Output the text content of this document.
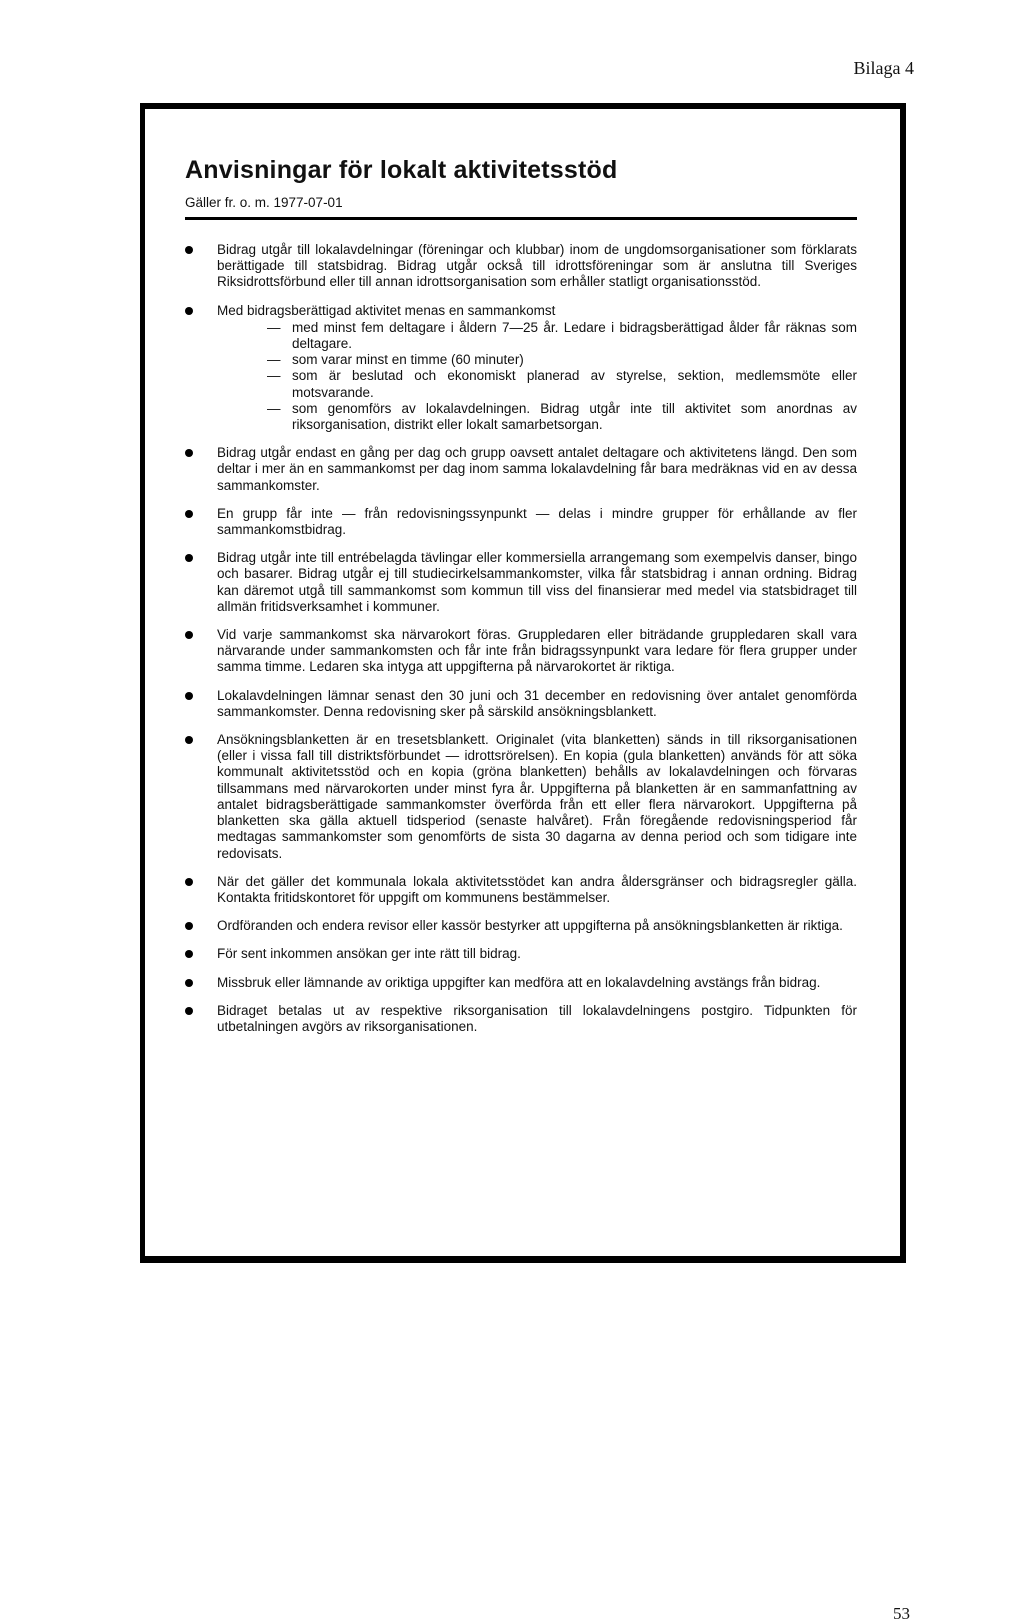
Bilaga 4

Anvisningar för lokalt aktivitetsstöd

Gäller fr. o. m. 1977-07-01

Bidrag utgår till lokalavdelningar (föreningar och klubbar) inom de ungdomsorganisationer som förklarats berättigade till statsbidrag. Bidrag utgår också till idrottsföreningar som är anslutna till Sveriges Riksidrottsförbund eller till annan idrottsorganisation som erhåller statligt organisationsstöd.
Med bidragsberättigad aktivitet menas en sammankomst
— med minst fem deltagare i åldern 7—25 år. Ledare i bidragsberättigad ålder får räknas som deltagare.
— som varar minst en timme (60 minuter)
— som är beslutad och ekonomiskt planerad av styrelse, sektion, medlemsmöte eller motsvarande.
— som genomförs av lokalavdelningen. Bidrag utgår inte till aktivitet som anordnas av riksorganisation, distrikt eller lokalt samarbetsorgan.
Bidrag utgår endast en gång per dag och grupp oavsett antalet deltagare och aktivitetens längd. Den som deltar i mer än en sammankomst per dag inom samma lokalavdelning får bara medräknas vid en av dessa sammankomster.
En grupp får inte — från redovisningssynpunkt — delas i mindre grupper för erhållande av fler sammankomstbidrag.
Bidrag utgår inte till entrébelagda tävlingar eller kommersiella arrangemang som exempelvis danser, bingo och basarer. Bidrag utgår ej till studiecirkelsammankomster, vilka får statsbidrag i annan ordning. Bidrag kan däremot utgå till sammankomst som kommun till viss del finansierar med medel via statsbidraget till allmän fritidsverksamhet i kommuner.
Vid varje sammankomst ska närvarokort föras. Gruppledaren eller biträdande gruppledaren skall vara närvarande under sammankomsten och får inte från bidragssynpunkt vara ledare för flera grupper under samma timme. Ledaren ska intyga att uppgifterna på närvarokortet är riktiga.
Lokalavdelningen lämnar senast den 30 juni och 31 december en redovisning över antalet genomförda sammankomster. Denna redovisning sker på särskild ansökningsblankett.
Ansökningsblanketten är en tresetsblankett. Originalet (vita blanketten) sänds in till riksorganisationen (eller i vissa fall till distriktsförbundet — idrottsrörelsen). En kopia (gula blanketten) används för att söka kommunalt aktivitetsstöd och en kopia (gröna blanketten) behålls av lokalavdelningen och förvaras tillsammans med närvarokorten under minst fyra år. Uppgifterna på blanketten är en sammanfattning av antalet bidragsberättigade sammankomster överförda från ett eller flera närvarokort. Uppgifterna på blanketten ska gälla aktuell tidsperiod (senaste halvåret). Från föregående redovisningsperiod får medtagas sammankomster som genomförts de sista 30 dagarna av denna period och som tidigare inte redovisats.
När det gäller det kommunala lokala aktivitetsstödet kan andra åldersgränser och bidragsregler gälla. Kontakta fritidskontoret för uppgift om kommunens bestämmelser.
Ordföranden och endera revisor eller kassör bestyrker att uppgifterna på ansökningsblanketten är riktiga.
För sent inkommen ansökan ger inte rätt till bidrag.
Missbruk eller lämnande av oriktiga uppgifter kan medföra att en lokalavdelning avstängs från bidrag.
Bidraget betalas ut av respektive riksorganisation till lokalavdelningens postgiro. Tidpunkten för utbetalningen avgörs av riksorganisationen.
53
